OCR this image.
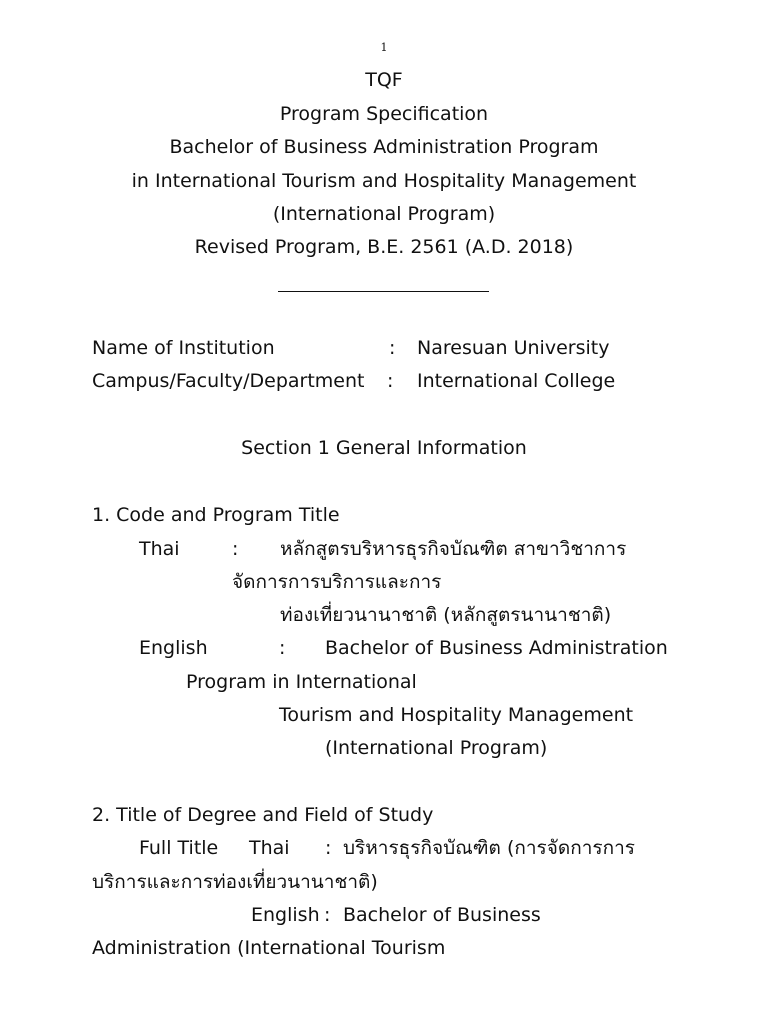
1
TQF
Program Specification
Bachelor of Business Administration Program
in International Tourism and Hospitality Management
(International Program)
Revised Program, B.E. 2561 (A.D. 2018)
Name of Institution	: Naresuan University
Campus/Faculty/Department : International College
Section 1 General Information
1. Code and Program Title
Thai	: หลักสูตรบริหารธุรกิจบัณฑิต สาขาวิชาการ
จัดการการบริการและการ
ท่องเที่ยวนานาชาติ (หลักสูตรนานาชาติ)
English	: Bachelor of Business Administration
Program in International
Tourism and Hospitality Management
(International Program)
2. Title of Degree and Field of Study
Full Title Thai : บริหารธุรกิจบัณฑิต (การจัดการการ
บริการและการท่องเที่ยวนานาชาติ)
English : Bachelor of Business
Administration (International Tourism
